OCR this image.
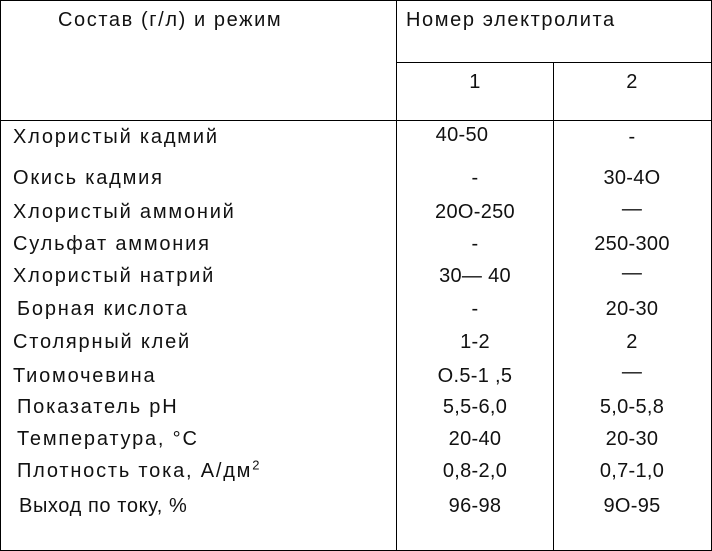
Состав (г/л) и режим	Номер электролита
1	2
Хлористый кадмий	40-50	-
Окись кадмия	-	30-4О
Хлористый аммоний	20О-250	—
Сульфат аммония	-	250-300
Хлористый натрий	30— 40	—
Борная кислота	-	20-30
Столярный клей	1-2	2
Тиомочевина	О.5-1 ,5	—
Показатель pH	5,5-6,0	5,0-5,8
Температура, °С	20-40	20-30
Плотность тока, $А/дм^2$	0,8-2,0	0,7-1,0
Выход по току, %	96-98	9О-95
